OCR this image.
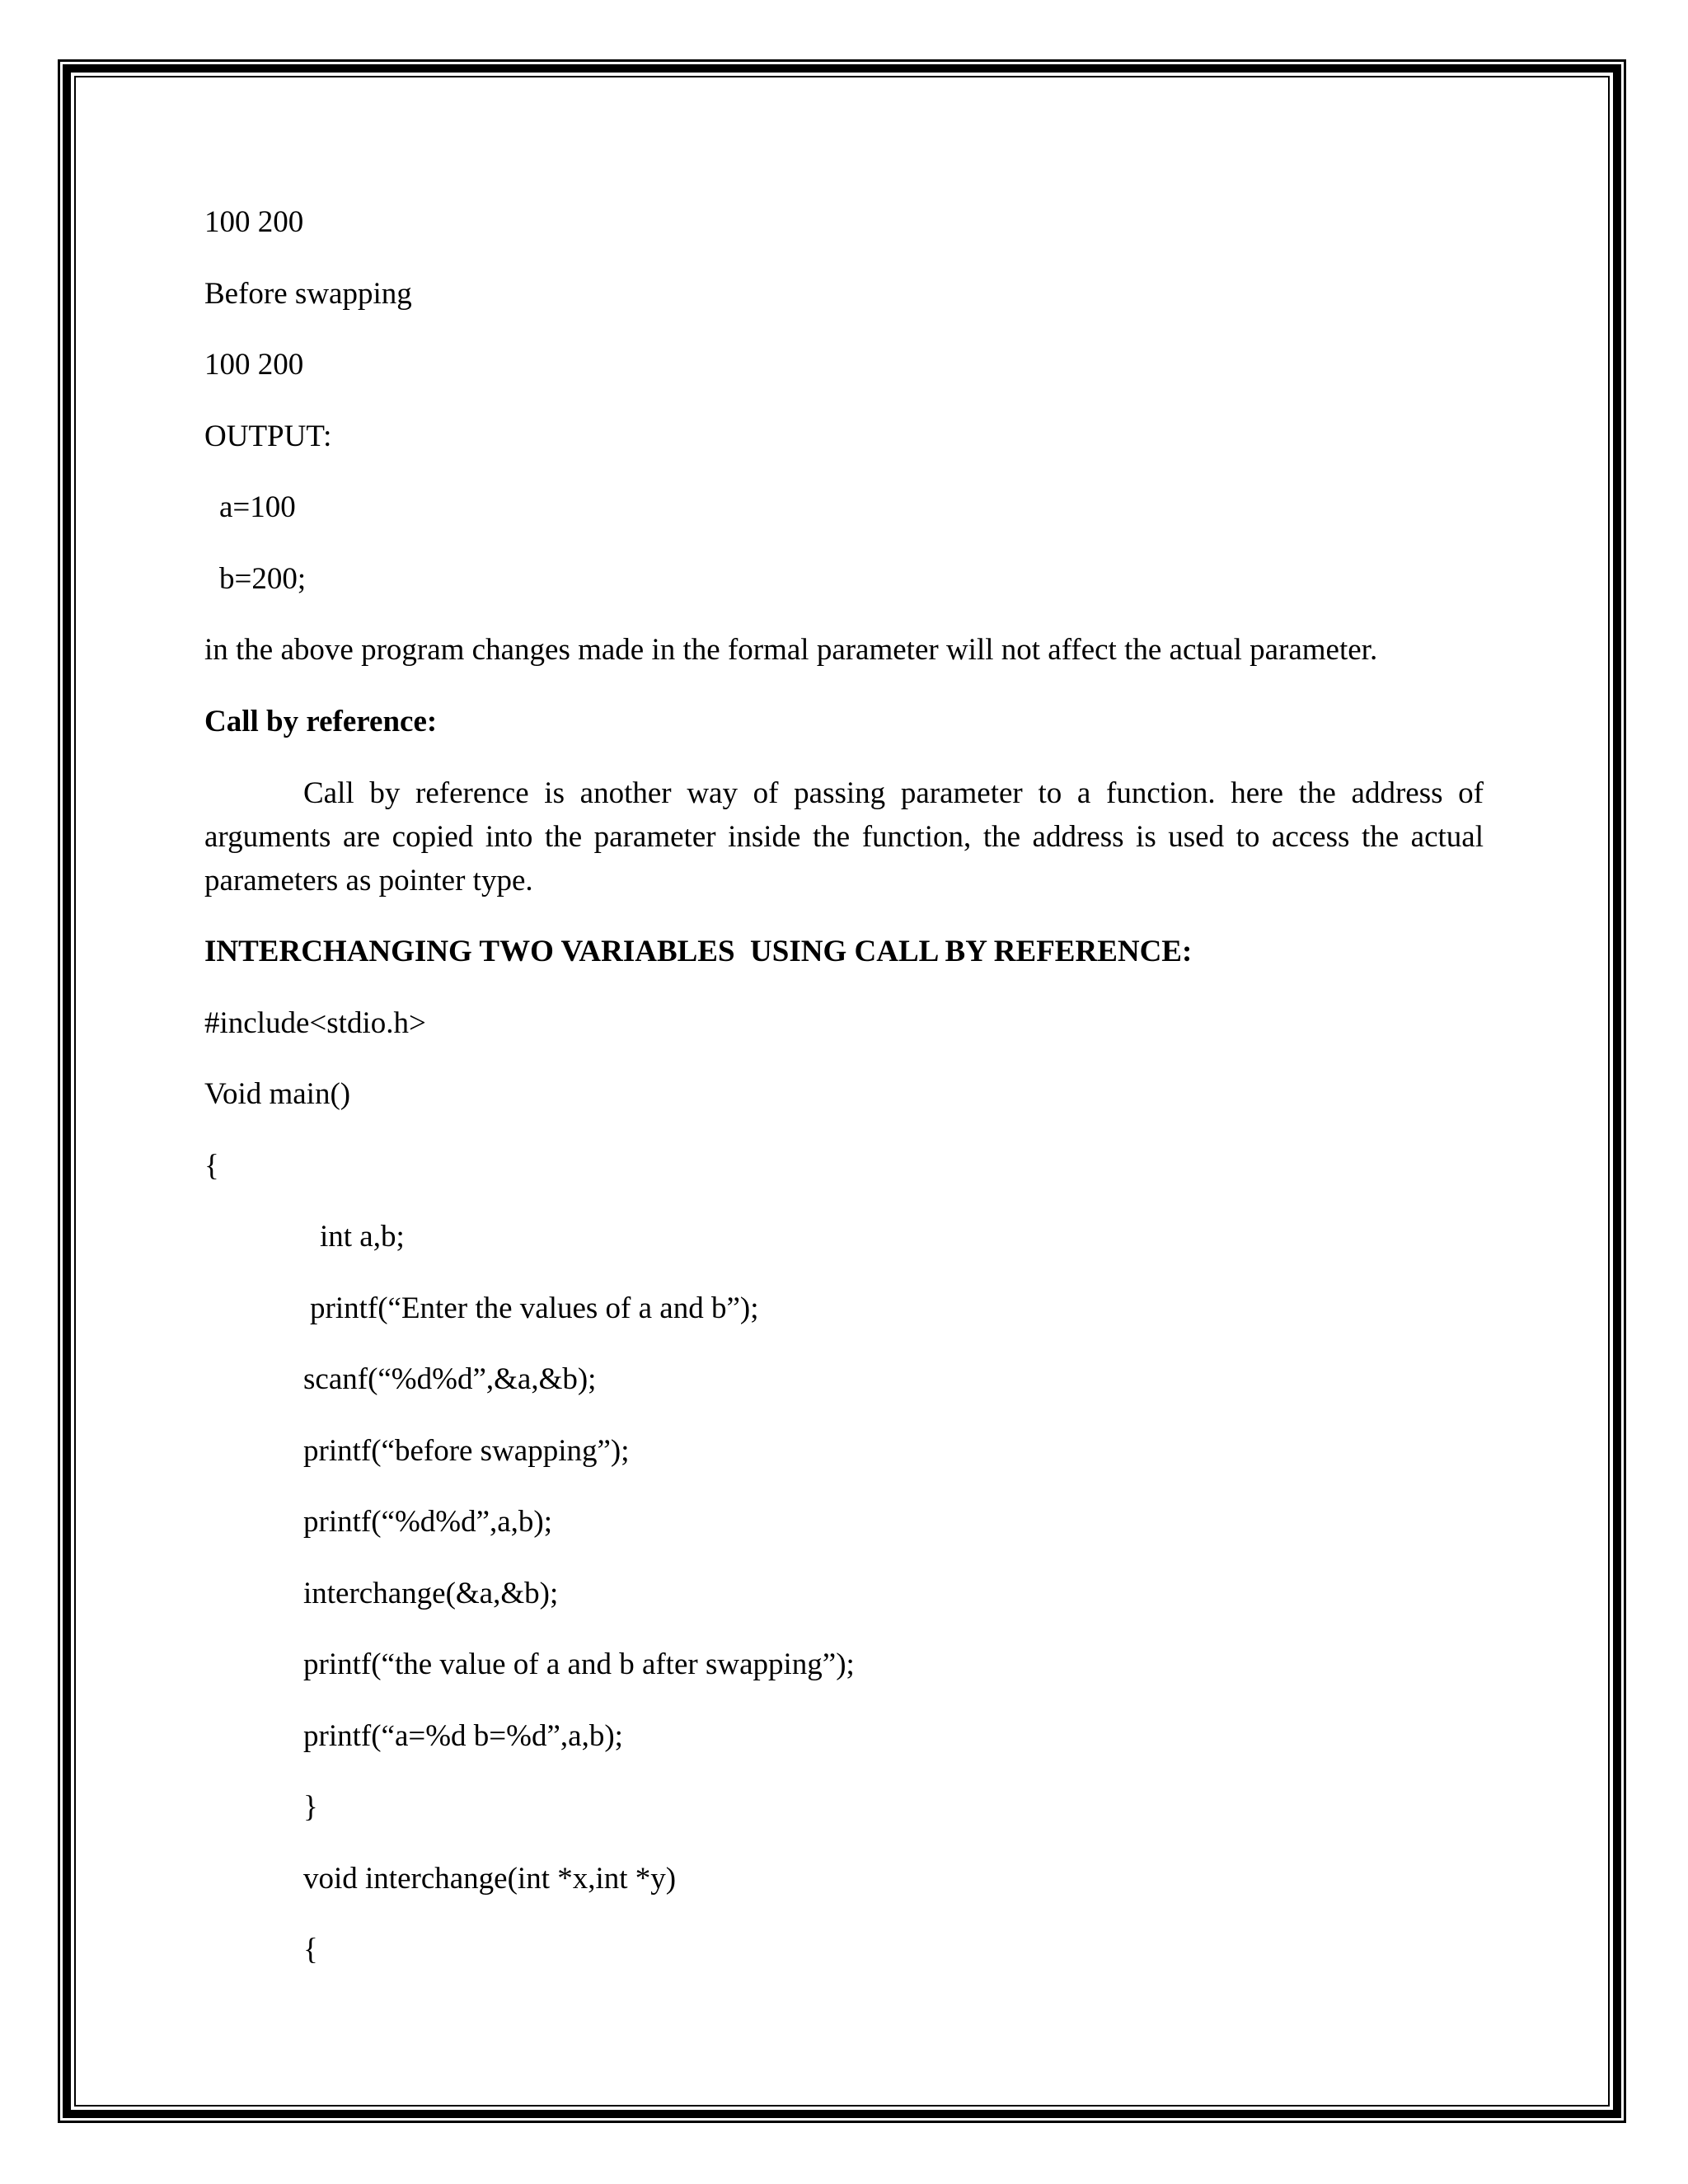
100 200
Before swapping
100 200
OUTPUT:
a=100
b=200;
in the above program changes made in the formal parameter will not affect the actual parameter.
Call by reference:
Call by reference is another way of passing parameter to a function. here the address of arguments are copied into the parameter inside the function, the address is used to access the actual parameters as pointer type.
INTERCHANGING TWO VARIABLES  USING CALL BY REFERENCE:
#include<stdio.h>
Void main()
{
int a,b;
printf(“Enter the values of a and b”);
scanf(“%d%d”,&a,&b);
printf(“before swapping”);
printf(“%d%d”,a,b);
interchange(&a,&b);
printf(“the value of a and b after swapping”);
printf(“a=%d b=%d”,a,b);
}
void interchange(int *x,int *y)
{
